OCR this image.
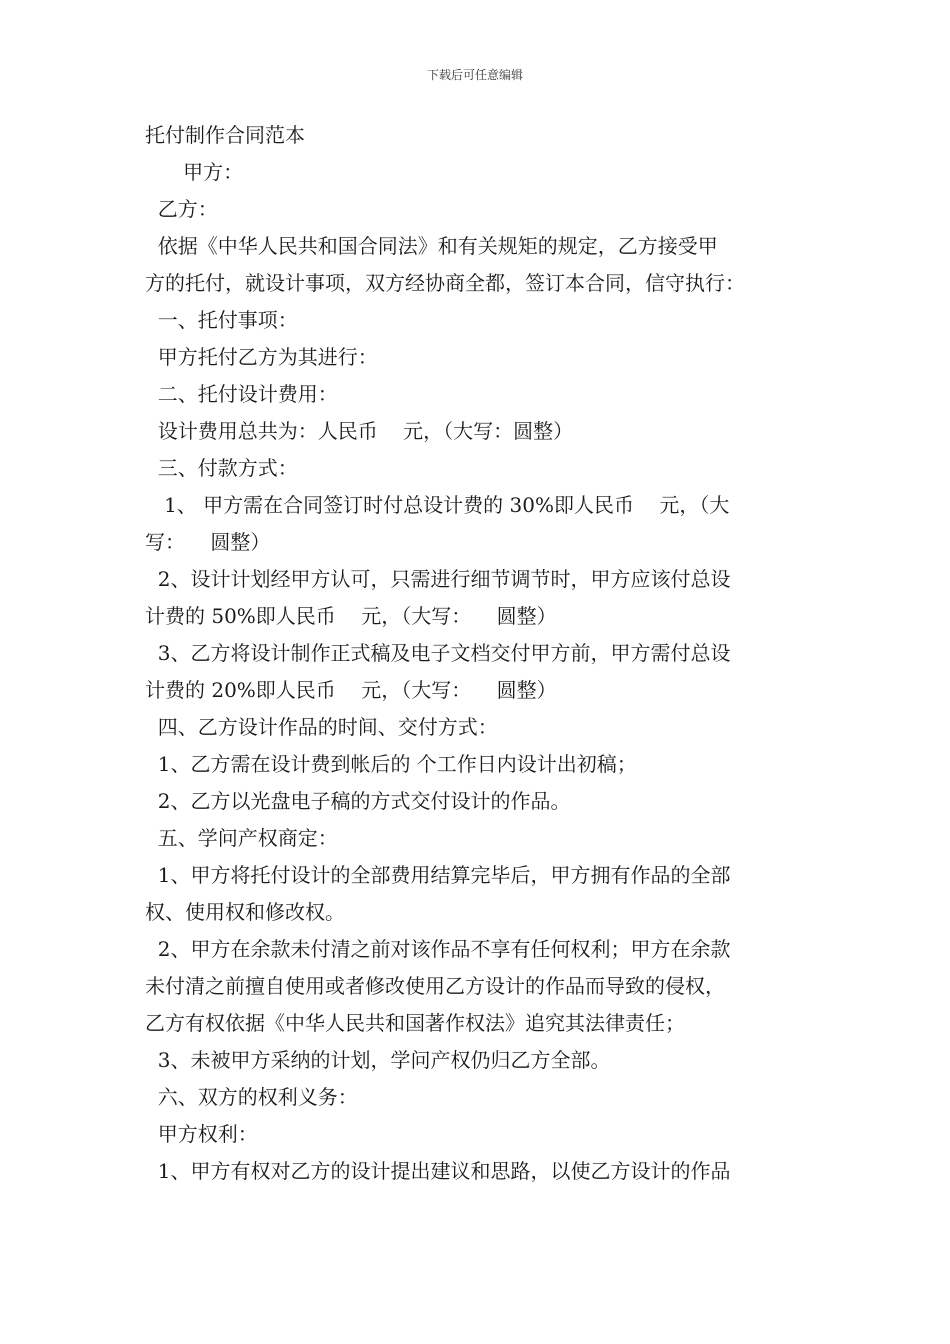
下载后可任意编辑
托付制作合同范本
甲方：
乙方：
依据《中华人民共和国合同法》和有关规矩的规定，乙方接受甲
方的托付，就设计事项，双方经协商全都，签订本合同，信守执行：
一、托付事项：
甲方托付乙方为其进行：
二、托付设计费用：
设计费用总共为：人民币    元，（大写：圆整）
三、付款方式：
1、 甲方需在合同签订时付总设计费的 30%即人民币    元，（大
写：    圆整）
2、设计计划经甲方认可，只需进行细节调节时，甲方应该付总设
计费的 50%即人民币    元，（大写：    圆整）
3、乙方将设计制作正式稿及电子文档交付甲方前，甲方需付总设
计费的 20%即人民币    元，（大写：    圆整）
四、乙方设计作品的时间、交付方式：
1、乙方需在设计费到帐后的 个工作日内设计出初稿；
2、乙方以光盘电子稿的方式交付设计的作品。
五、学问产权商定：
1、甲方将托付设计的全部费用结算完毕后，甲方拥有作品的全部
权、使用权和修改权。
2、甲方在余款未付清之前对该作品不享有任何权利；甲方在余款
未付清之前擅自使用或者修改使用乙方设计的作品而导致的侵权，
乙方有权依据《中华人民共和国著作权法》追究其法律责任；
3、未被甲方采纳的计划，学问产权仍归乙方全部。
六、双方的权利义务：
甲方权利：
1、甲方有权对乙方的设计提出建议和思路，以使乙方设计的作品
